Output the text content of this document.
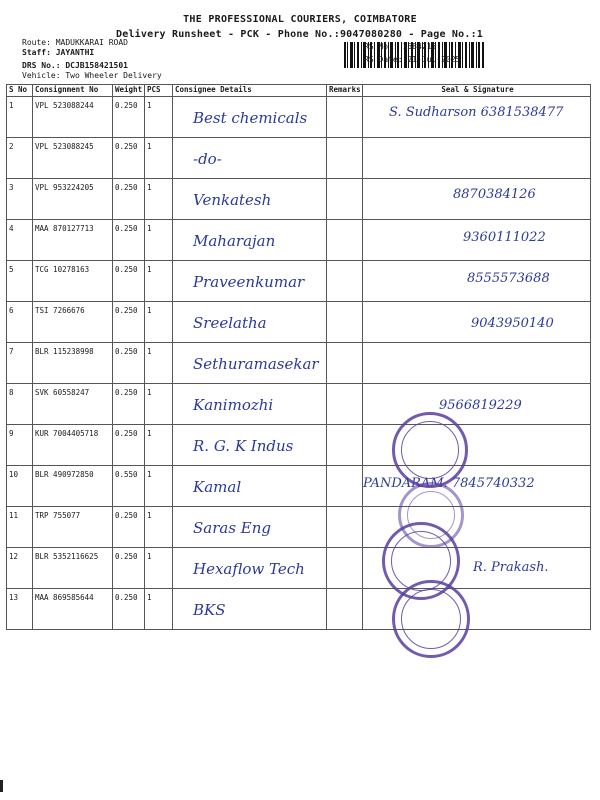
THE PROFESSIONAL COURIERS, COIMBATORE
Delivery Runsheet - PCK - Phone No.:9047080280 - Page No.:1
Route: MADUKKARAI ROAD
Staff: JAYANTHI
DRS No.: DCJB158421501
Vehicle: Two Wheeler Delivery
RS No.: 1584215
RS Date: 21-Jul-2025
S No	Consignment No	Weight	PCS	Consignee Details	Remarks	Seal & Signature

1	VPL 523088244	0.250	1	Best chemicals		S. Sudharson 6381538477

2	VPL 523088245	0.250	1	-do-		

3	VPL 953224205	0.250	1	Venkatesh		8870384126

4	MAA 870127713	0.250	1	Maharajan		9360111022

5	TCG 10278163	0.250	1	Praveenkumar		8555573688

6	TSI 7266676	0.250	1	Sreelatha		9043950140

7	BLR 115238998	0.250	1	Sethuramasekar		

8	SVK 60558247	0.250	1	Kanimozhi		9566819229

9	KUR 7004405718	0.250	1	R. G. K Indus		

10	BLR 490972850	0.550	1	Kamal		PANDARAM. 7845740332

11	TRP 755077	0.250	1	Saras Eng		

12	BLR 5352116625	0.250	1	Hexaflow Tech		R. Prakash.

13	MAA 869585644	0.250	1	BKS		
